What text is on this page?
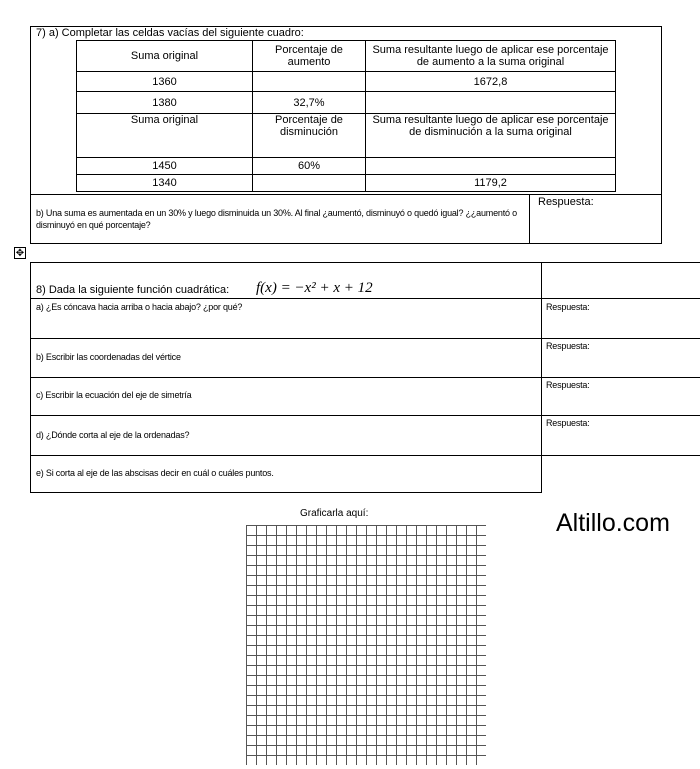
7) a) Completar las celdas vacías del siguiente cuadro:
Suma original	Porcentaje de aumento	Suma resultante luego de aplicar ese porcentaje de aumento a la suma original
1360		1672,8
1380	32,7%	
Suma original	Porcentaje de disminución	Suma resultante luego de aplicar ese porcentaje de disminución a la suma original
1450	60%	
1340		1179,2
b) Una suma es aumentada en un 30% y luego disminuida un 30%. Al final ¿aumentó, disminuyó o quedó igual? ¿¿aumentó o disminuyó en qué porcentaje?
Respuesta:
✥
8) Dada la siguiente función cuadrática: f(x) = −x² + x + 12
a) ¿Es cóncava hacia arriba o hacia abajo? ¿por qué?	Respuesta:
b) Escribir las coordenadas del vértice
Respuesta:
c) Escribir la ecuación del eje de simetría
Respuesta:
d) ¿Dónde corta al eje de la ordenadas?
Respuesta:
e) Si corta al eje de las abscisas decir en cuál o cuáles puntos.
Graficarla aquí:	Altillo.com
